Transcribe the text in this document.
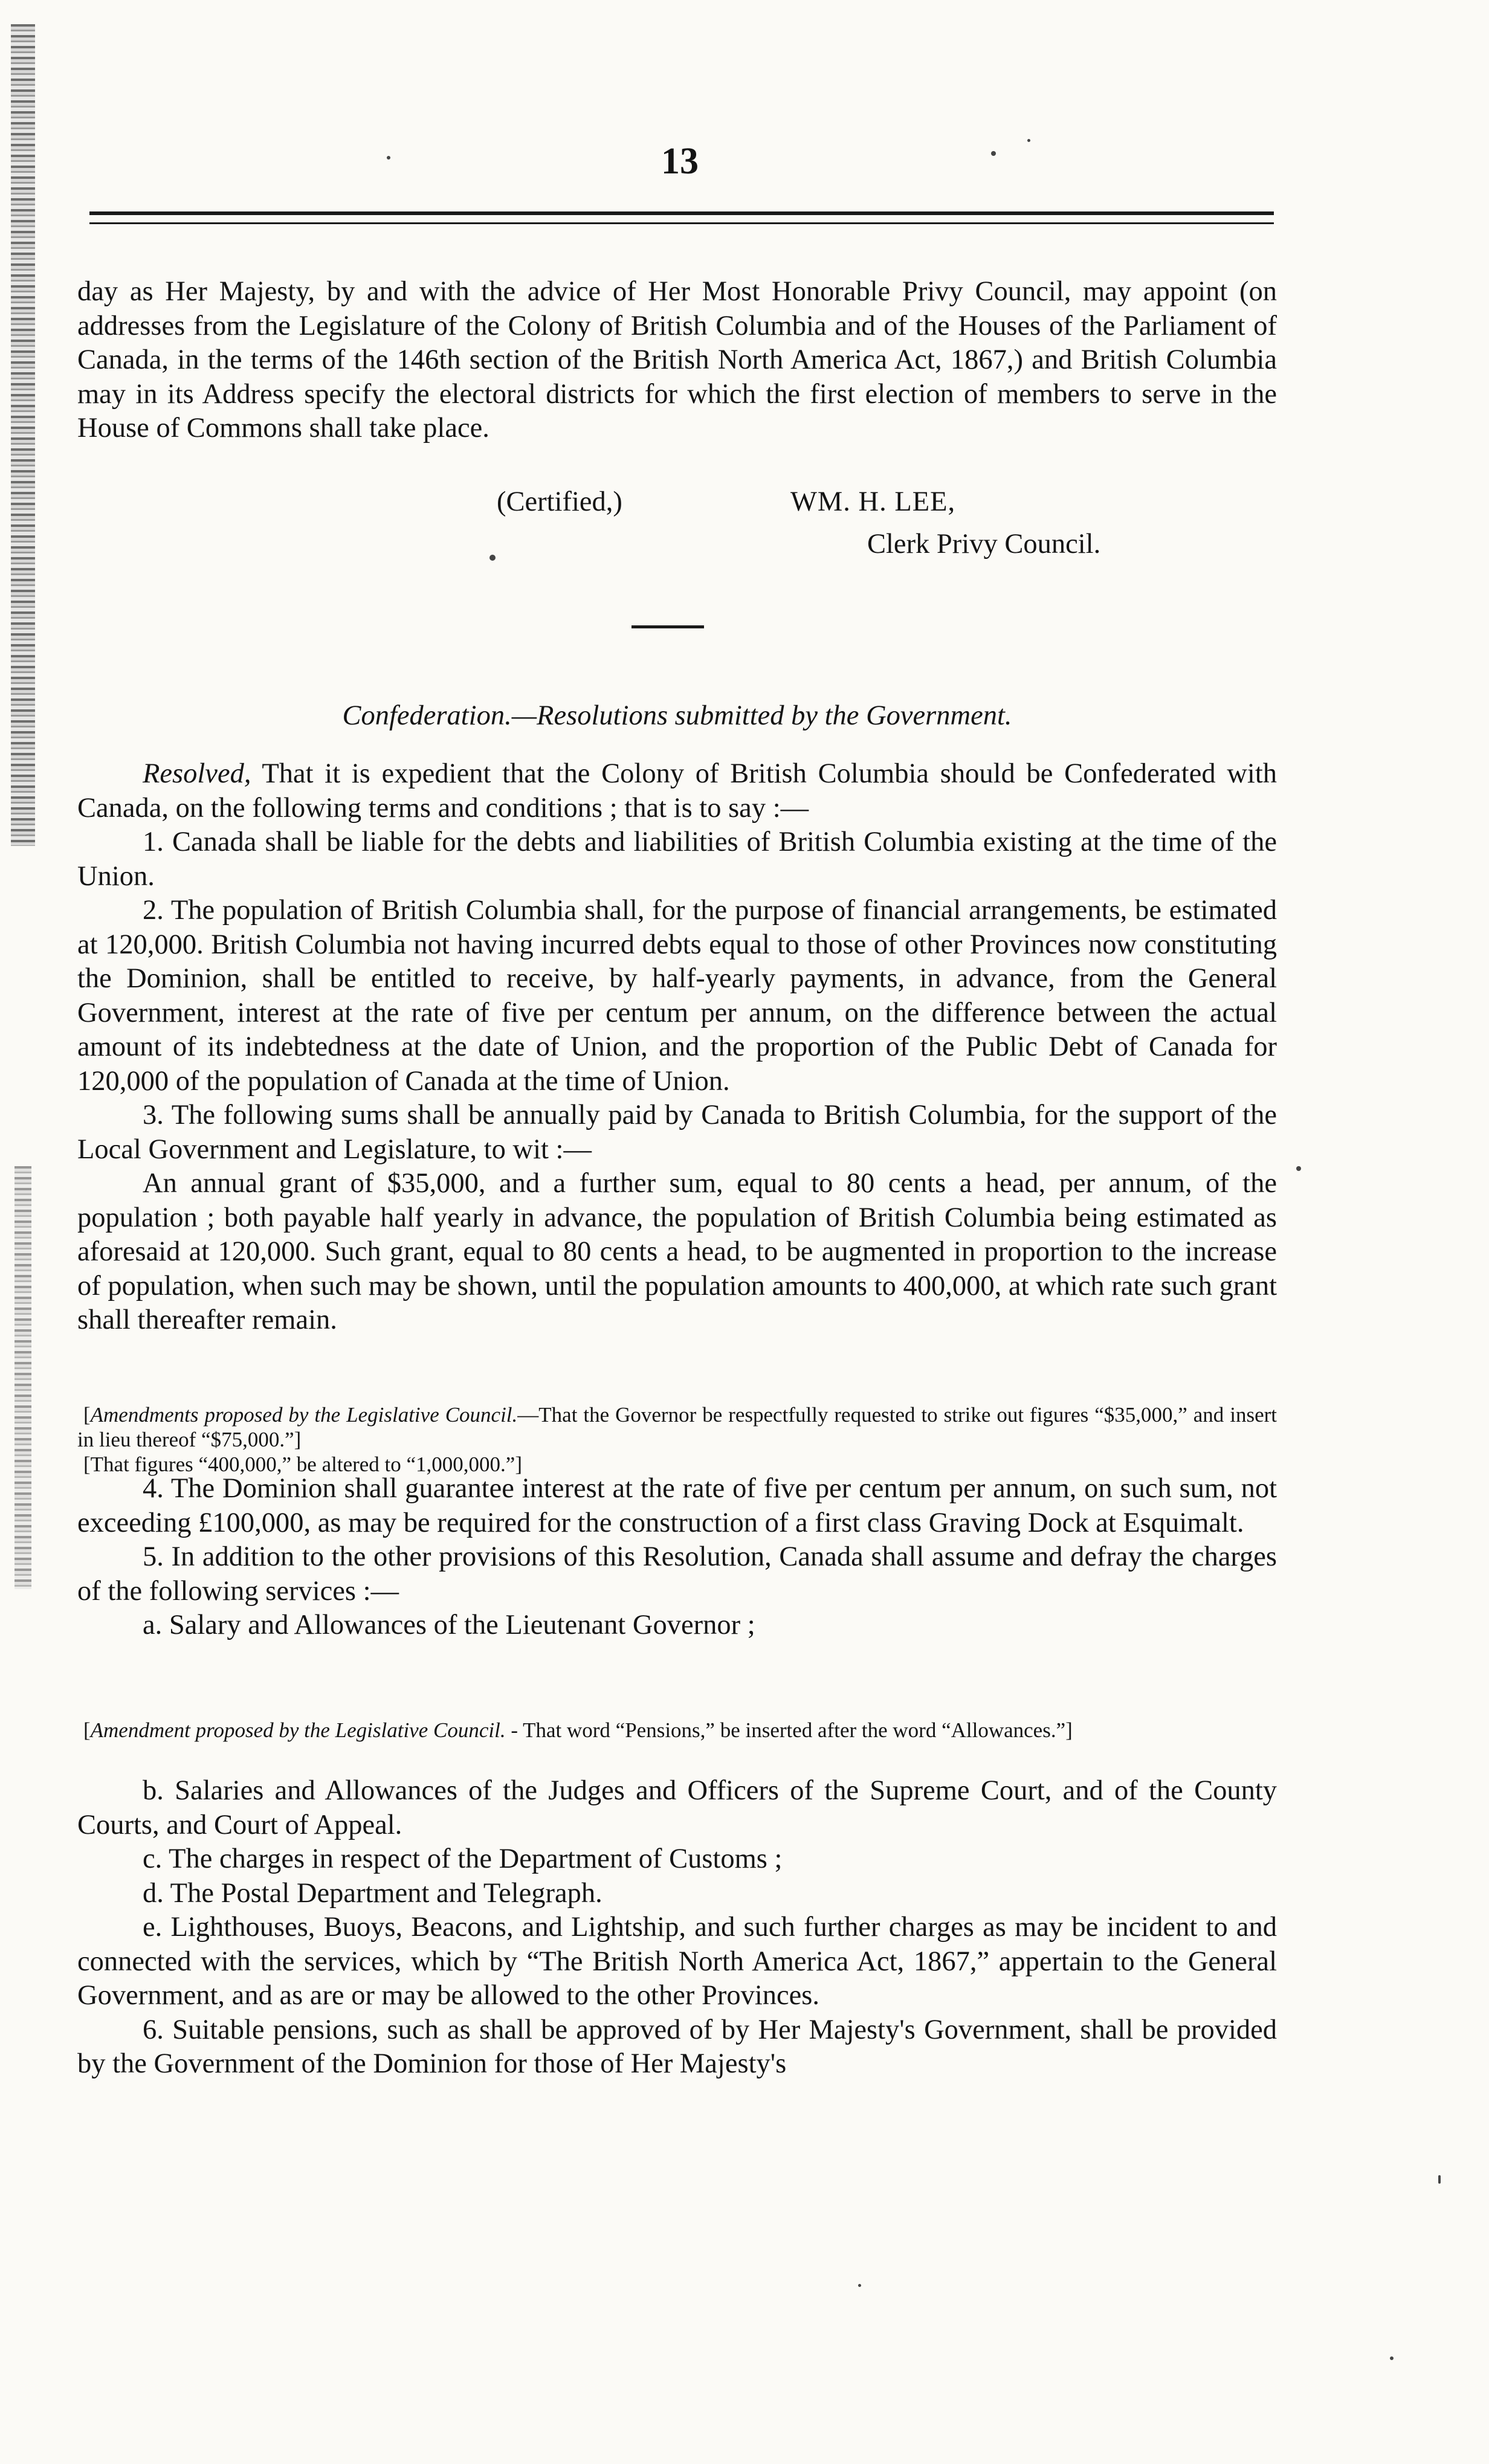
13

day as Her Majesty, by and with the advice of Her Most Honorable Privy Council, may appoint (on addresses from the Legislature of the Colony of British Columbia and of the Houses of the Parliament of Canada, in the terms of the 146th section of the British North America Act, 1867,) and British Columbia may in its Address specify the electoral districts for which the first election of members to serve in the House of Commons shall take place.

(Certified,)	WM. H. LEE,
Clerk Privy Council.
Confederation.—Resolutions submitted by the Government.

Resolved, That it is expedient that the Colony of British Columbia should be Confederated with Canada, on the following terms and conditions ; that is to say :—

1. Canada shall be liable for the debts and liabilities of British Columbia existing at the time of the Union.

2. The population of British Columbia shall, for the purpose of financial arrangements, be estimated at 120,000. British Columbia not having incurred debts equal to those of other Provinces now constituting the Dominion, shall be entitled to receive, by half-yearly payments, in advance, from the General Government, interest at the rate of five per centum per annum, on the difference between the actual amount of its indebtedness at the date of Union, and the proportion of the Public Debt of Canada for 120,000 of the population of Canada at the time of Union.

3. The following sums shall be annually paid by Canada to British Columbia, for the support of the Local Government and Legislature, to wit :—

An annual grant of $35,000, and a further sum, equal to 80 cents a head, per annum, of the population ; both payable half yearly in advance, the population of British Columbia being estimated as aforesaid at 120,000. Such grant, equal to 80 cents a head, to be augmented in proportion to the increase of population, when such may be shown, until the population amounts to 400,000, at which rate such grant shall thereafter remain.

[Amendments proposed by the Legislative Council.—That the Governor be respectfully requested to strike out figures “$35,000,” and insert in lieu thereof “$75,000.”]

[That figures “400,000,” be altered to “1,000,000.”]

4. The Dominion shall guarantee interest at the rate of five per centum per annum, on such sum, not exceeding £100,000, as may be required for the construction of a first class Graving Dock at Esquimalt.

5. In addition to the other provisions of this Resolution, Canada shall assume and defray the charges of the following services :—

a. Salary and Allowances of the Lieutenant Governor ;

[Amendment proposed by the Legislative Council. - That word “Pensions,” be inserted after the word “Allowances.”]

b. Salaries and Allowances of the Judges and Officers of the Supreme Court, and of the County Courts, and Court of Appeal.

c. The charges in respect of the Department of Customs ;

d. The Postal Department and Telegraph.

e. Lighthouses, Buoys, Beacons, and Lightship, and such further charges as may be incident to and connected with the services, which by “The British North America Act, 1867,” appertain to the General Government, and as are or may be allowed to the other Provinces.

6. Suitable pensions, such as shall be approved of by Her Majesty's Government, shall be provided by the Government of the Dominion for those of Her Majesty's
